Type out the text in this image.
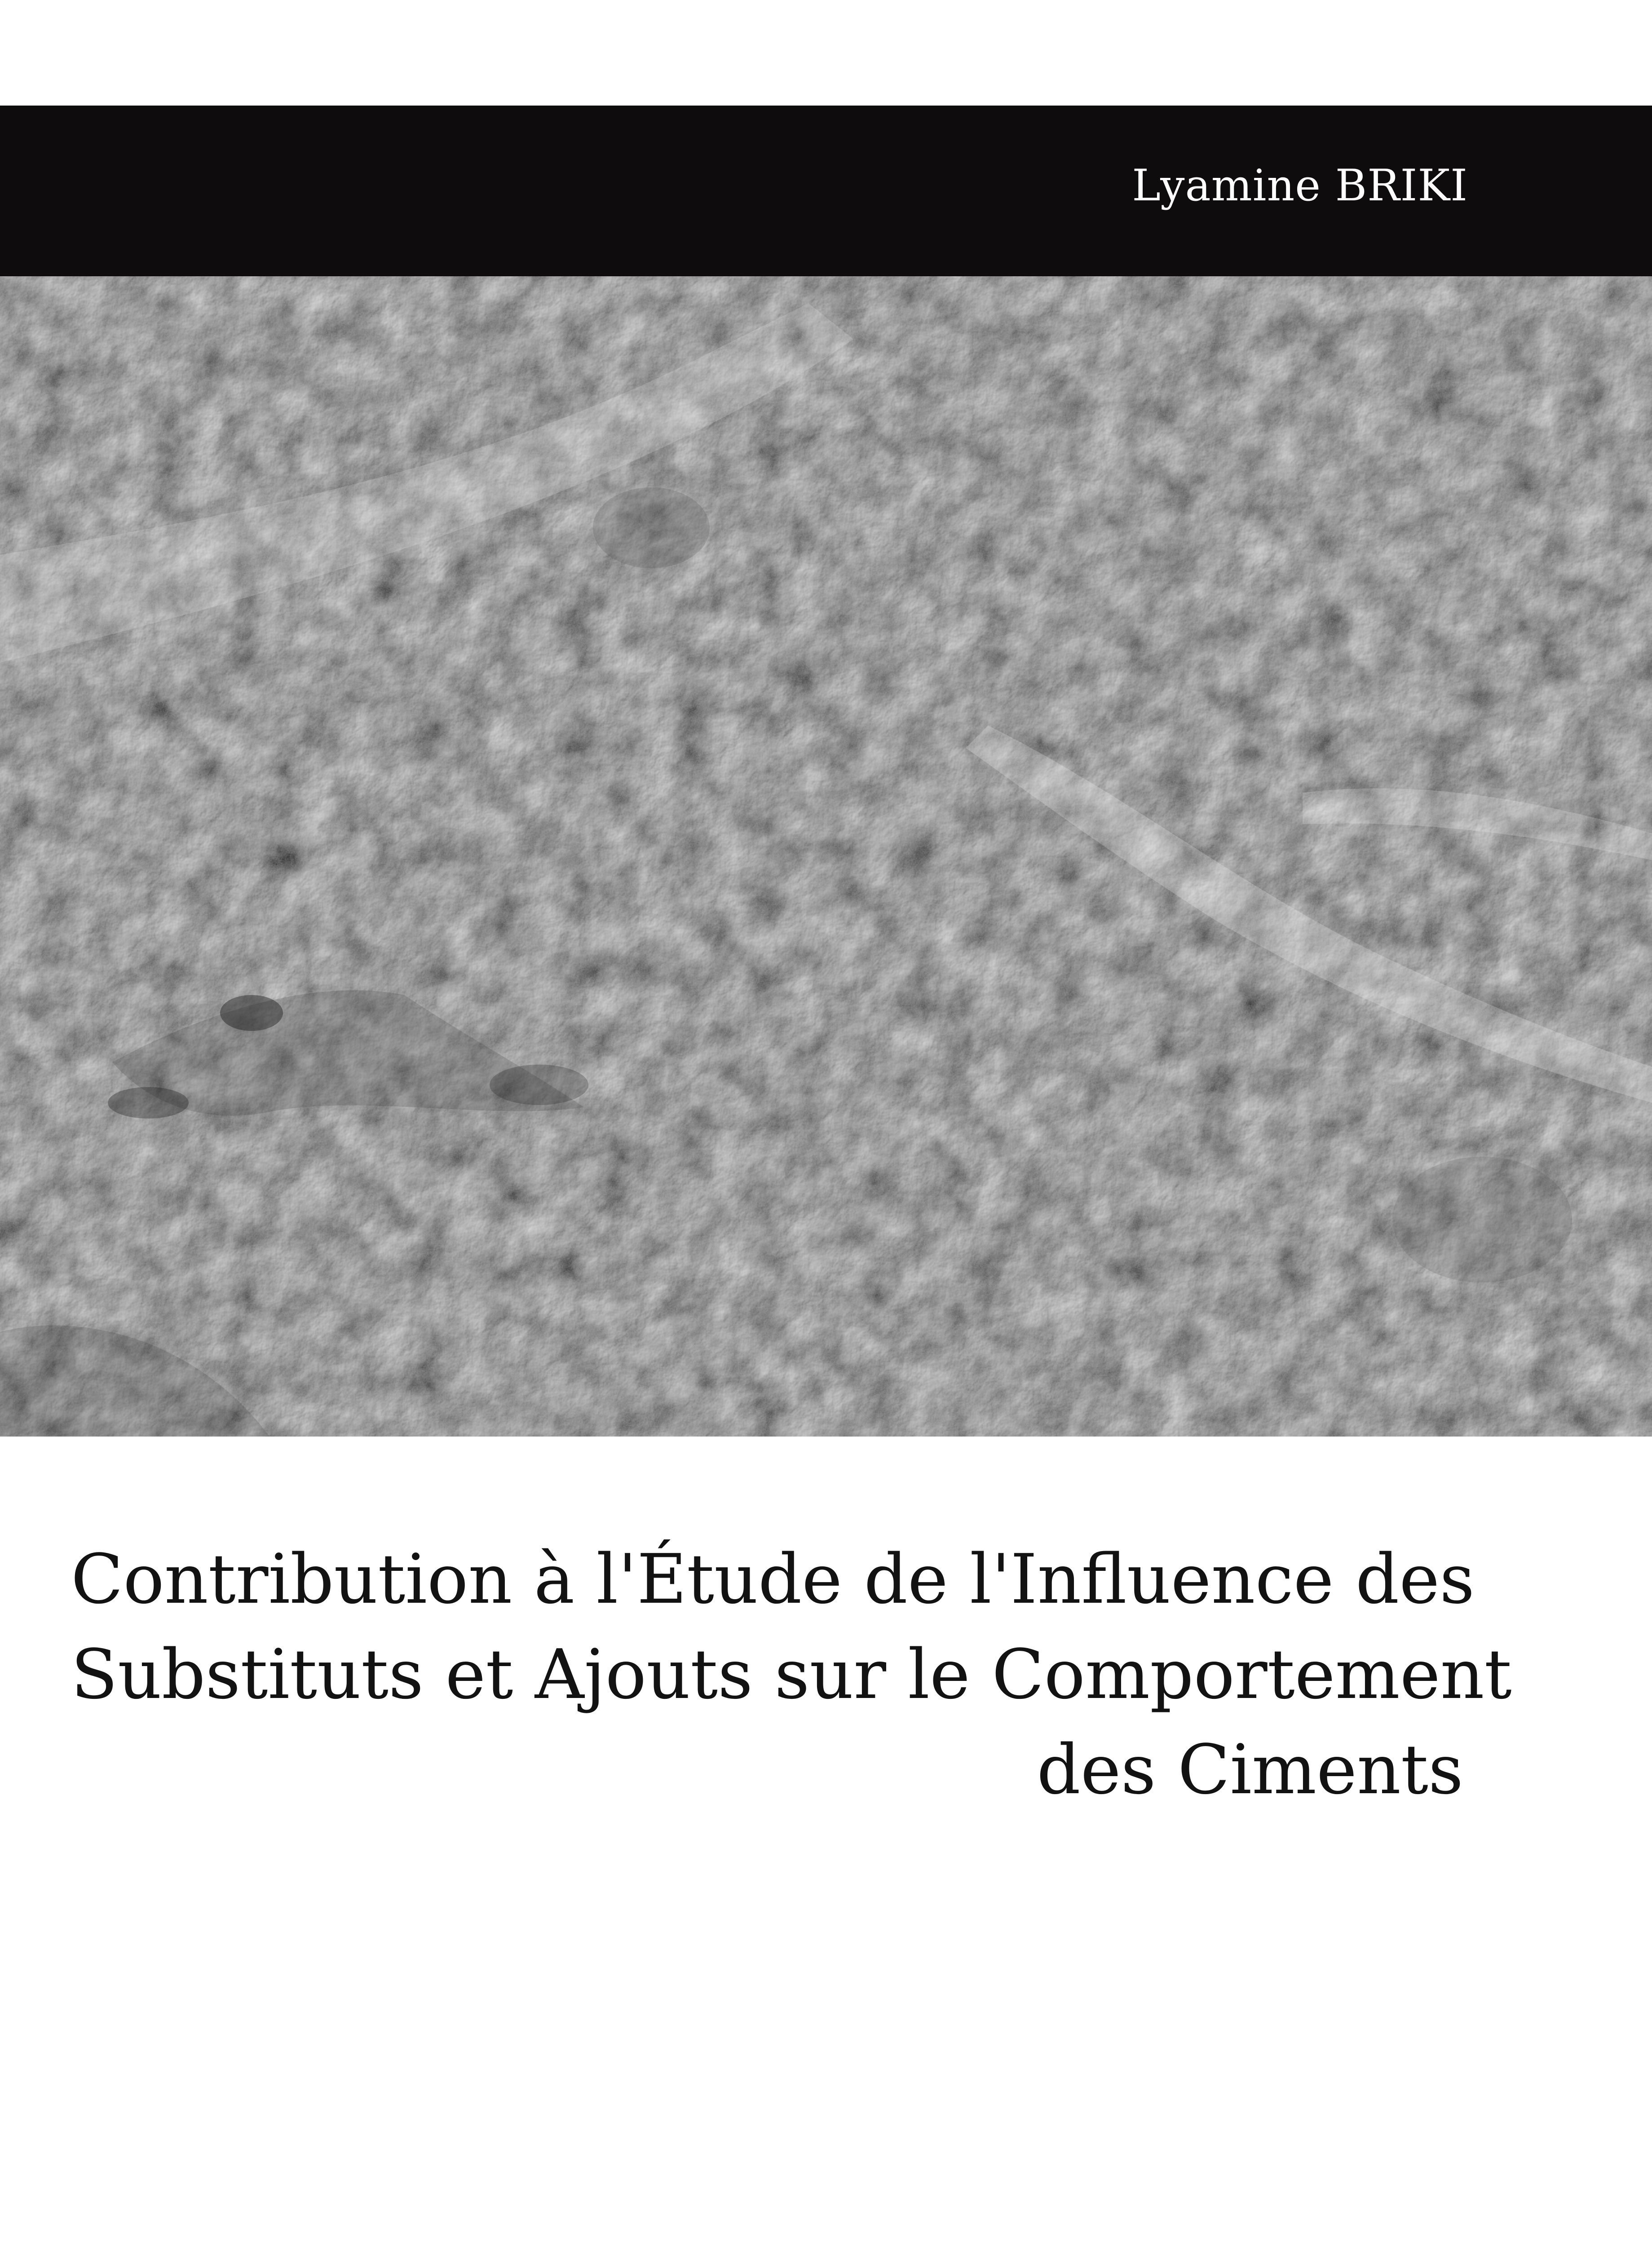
Lyamine BRIKI
Contribution à l'Étude de l'Influence des
Substituts et Ajouts sur le Comportement
des Ciments
